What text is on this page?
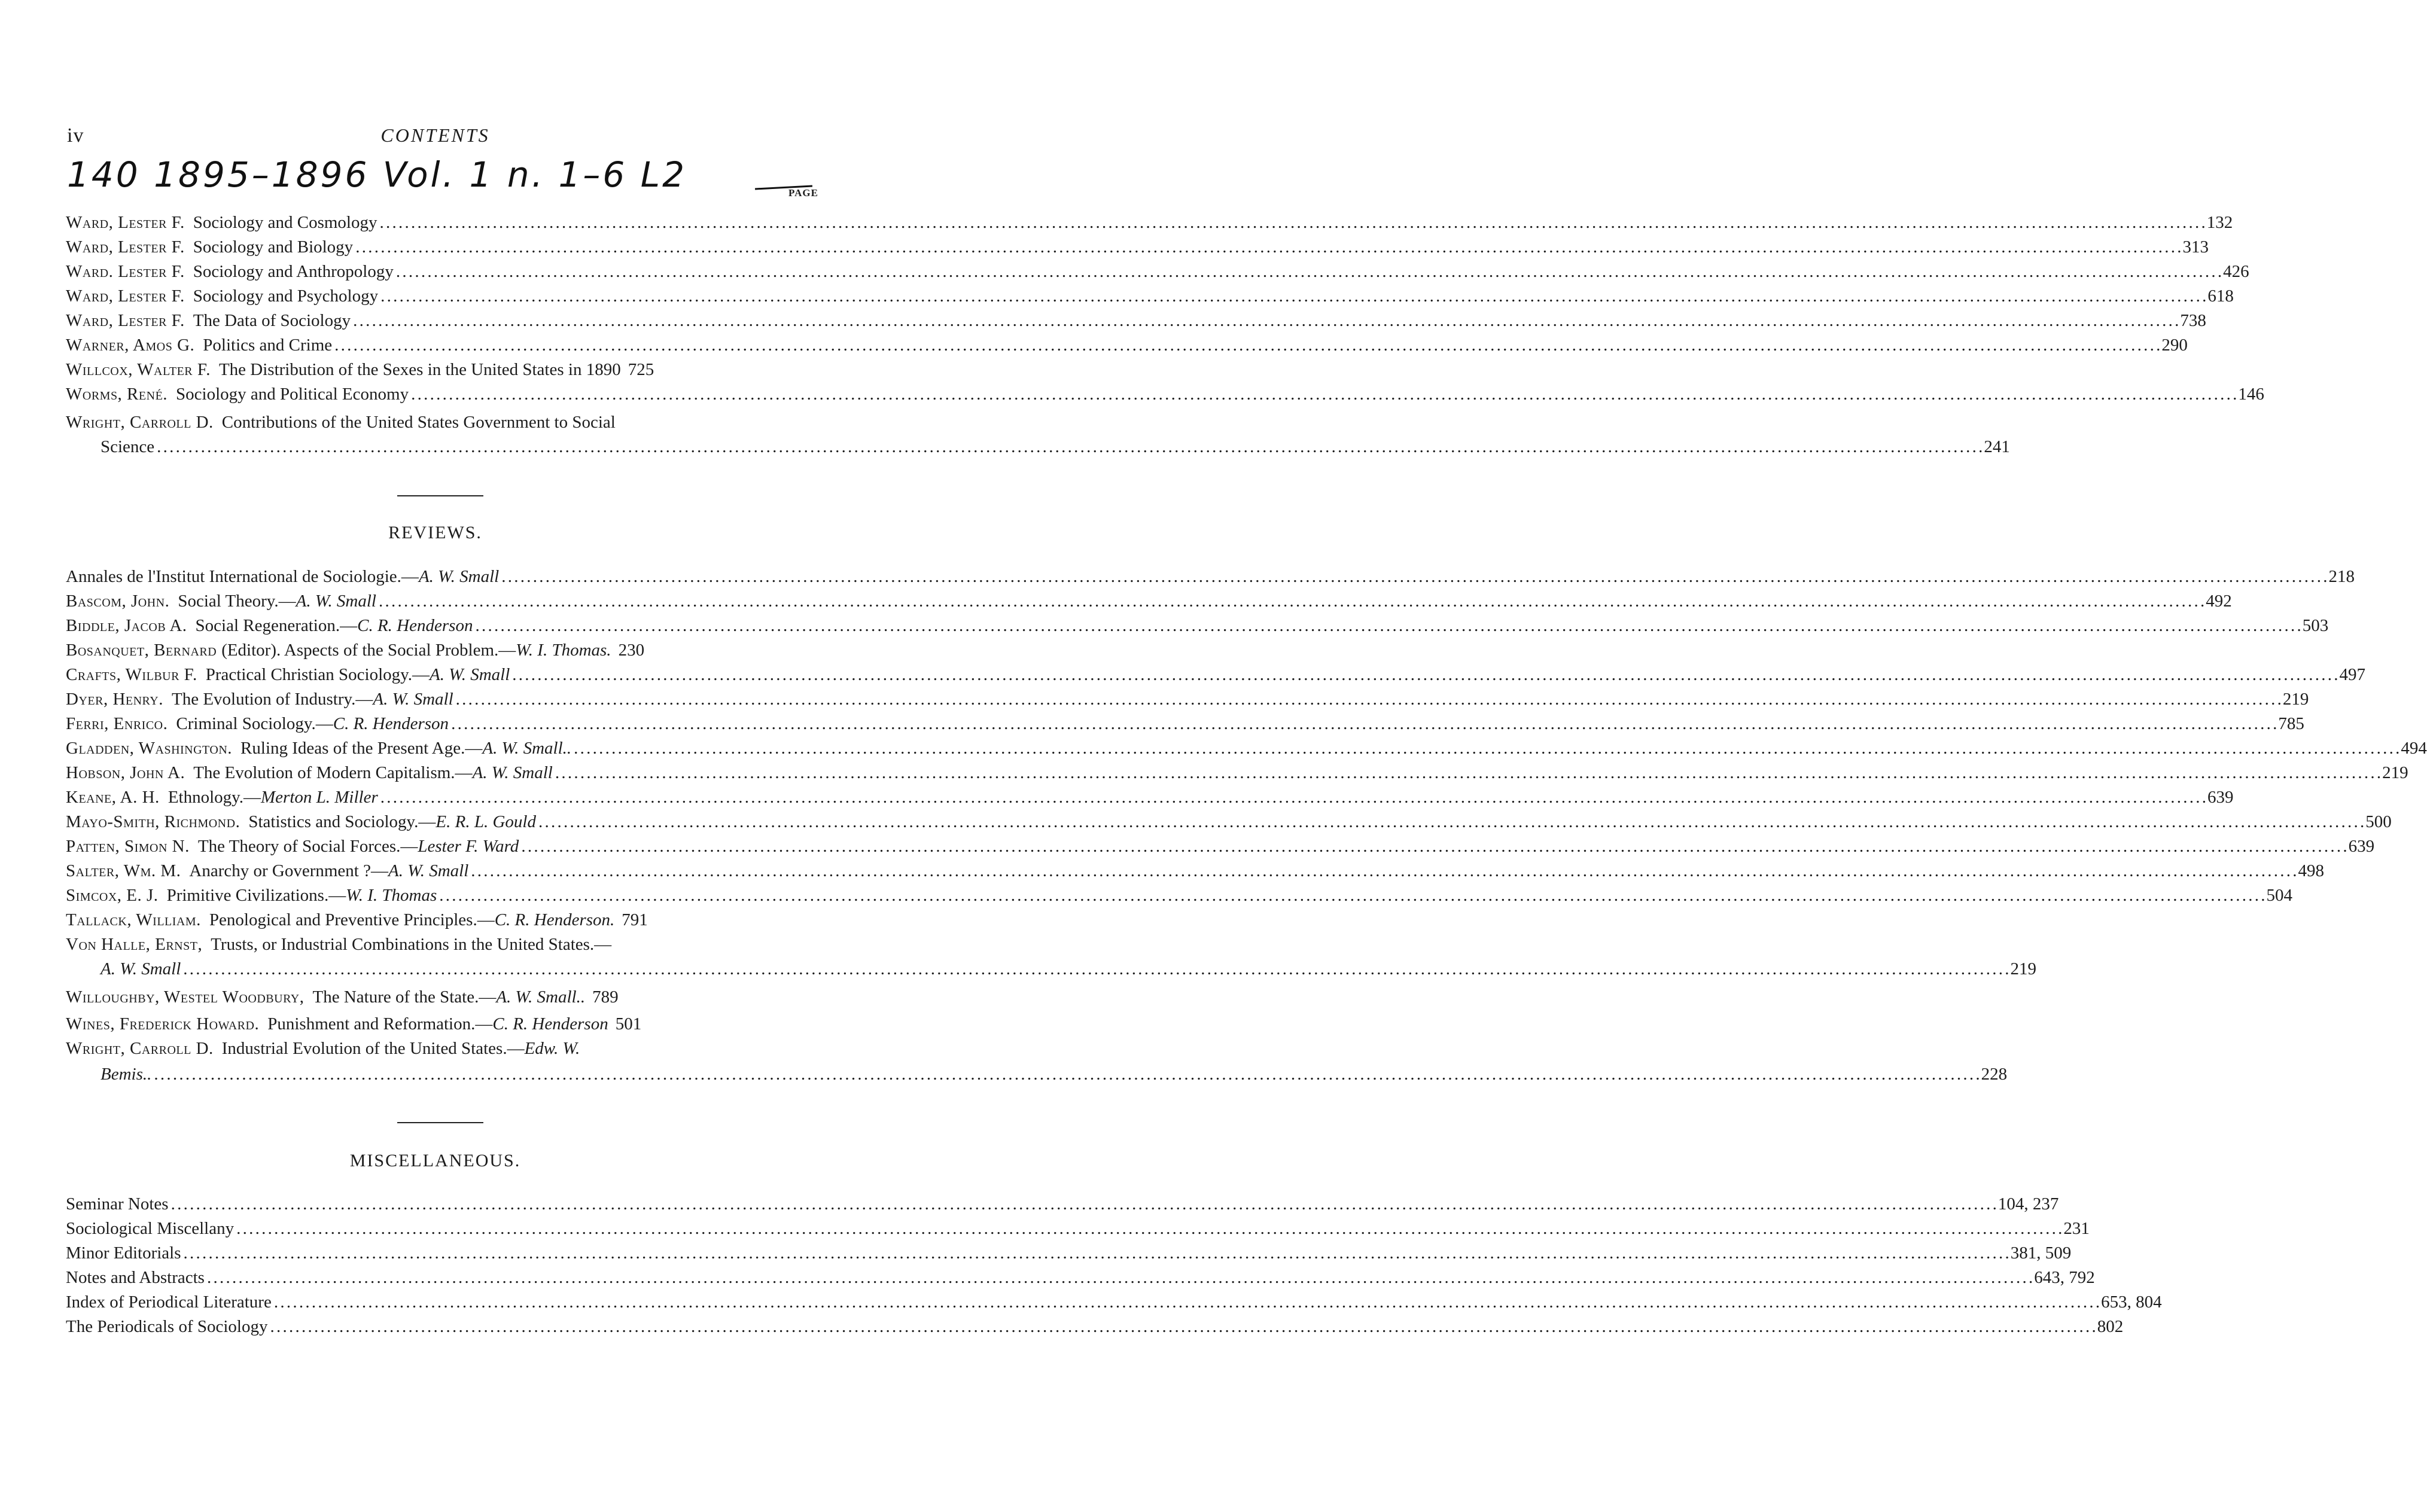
iv	CONTENTS
140 1895–1896 Vol. 1 n. 1–6 L2	PAGE
Ward, Lester F. Sociology and Cosmology . . .	132
Ward, Lester F. Sociology and Biology . . .	313
Ward. Lester F. Sociology and Anthropology . . .	426
Ward, Lester F. Sociology and Psychology . . .	618
Ward, Lester F. The Data of Sociology . . .	738
Warner, Amos G. Politics and Crime . . .	290
Willcox, Walter F. The Distribution of the Sexes in the United States in 1890 725
Worms, René. Sociology and Political Economy . . .	146
Wright, Carroll D. Contributions of the United States Government to Social
Science . . .	241
REVIEWS.
Annales de l'Institut International de Sociologie.—A. W. Small . . .	218
Bascom, John. Social Theory.—A. W. Small . . .	492
Biddle, Jacob A. Social Regeneration.—C. R. Henderson . . .	503
Bosanquet, Bernard (Editor). Aspects of the Social Problem.—W. I. Thomas. 230
Crafts, Wilbur F. Practical Christian Sociology.—A. W. Small . . .	497
Dyer, Henry. The Evolution of Industry.—A. W. Small . . .	219
Ferri, Enrico. Criminal Sociology.—C. R. Henderson . . .	785
Gladden, Washington. Ruling Ideas of the Present Age.—A. W. Small.. . . .	494
Hobson, John A. The Evolution of Modern Capitalism.—A. W. Small . . .	219
Keane, A. H. Ethnology.—Merton L. Miller . . .	639
Mayo-Smith, Richmond. Statistics and Sociology.—E. R. L. Gould . . .	500
Patten, Simon N. The Theory of Social Forces.—Lester F. Ward . . .	639
Salter, Wm. M. Anarchy or Government ?—A. W. Small . . .	498
Simcox, E. J. Primitive Civilizations.—W. I. Thomas . . .	504
Tallack, William. Penological and Preventive Principles.—C. R. Henderson. 791
Von Halle, Ernst, Trusts, or Industrial Combinations in the United States.—
A. W. Small . . .	219
Willoughby, Westel Woodbury, The Nature of the State.—A. W. Small.. 789
Wines, Frederick Howard. Punishment and Reformation.—C. R. Henderson 501
Wright, Carroll D. Industrial Evolution of the United States.—Edw. W.
Bemis.. . . .	228
MISCELLANEOUS.
Seminar Notes . . .	104, 237
Sociological Miscellany . . .	231
Minor Editorials . . .	381, 509
Notes and Abstracts . . .	643, 792
Index of Periodical Literature . . .	653, 804
The Periodicals of Sociology . . .	802
